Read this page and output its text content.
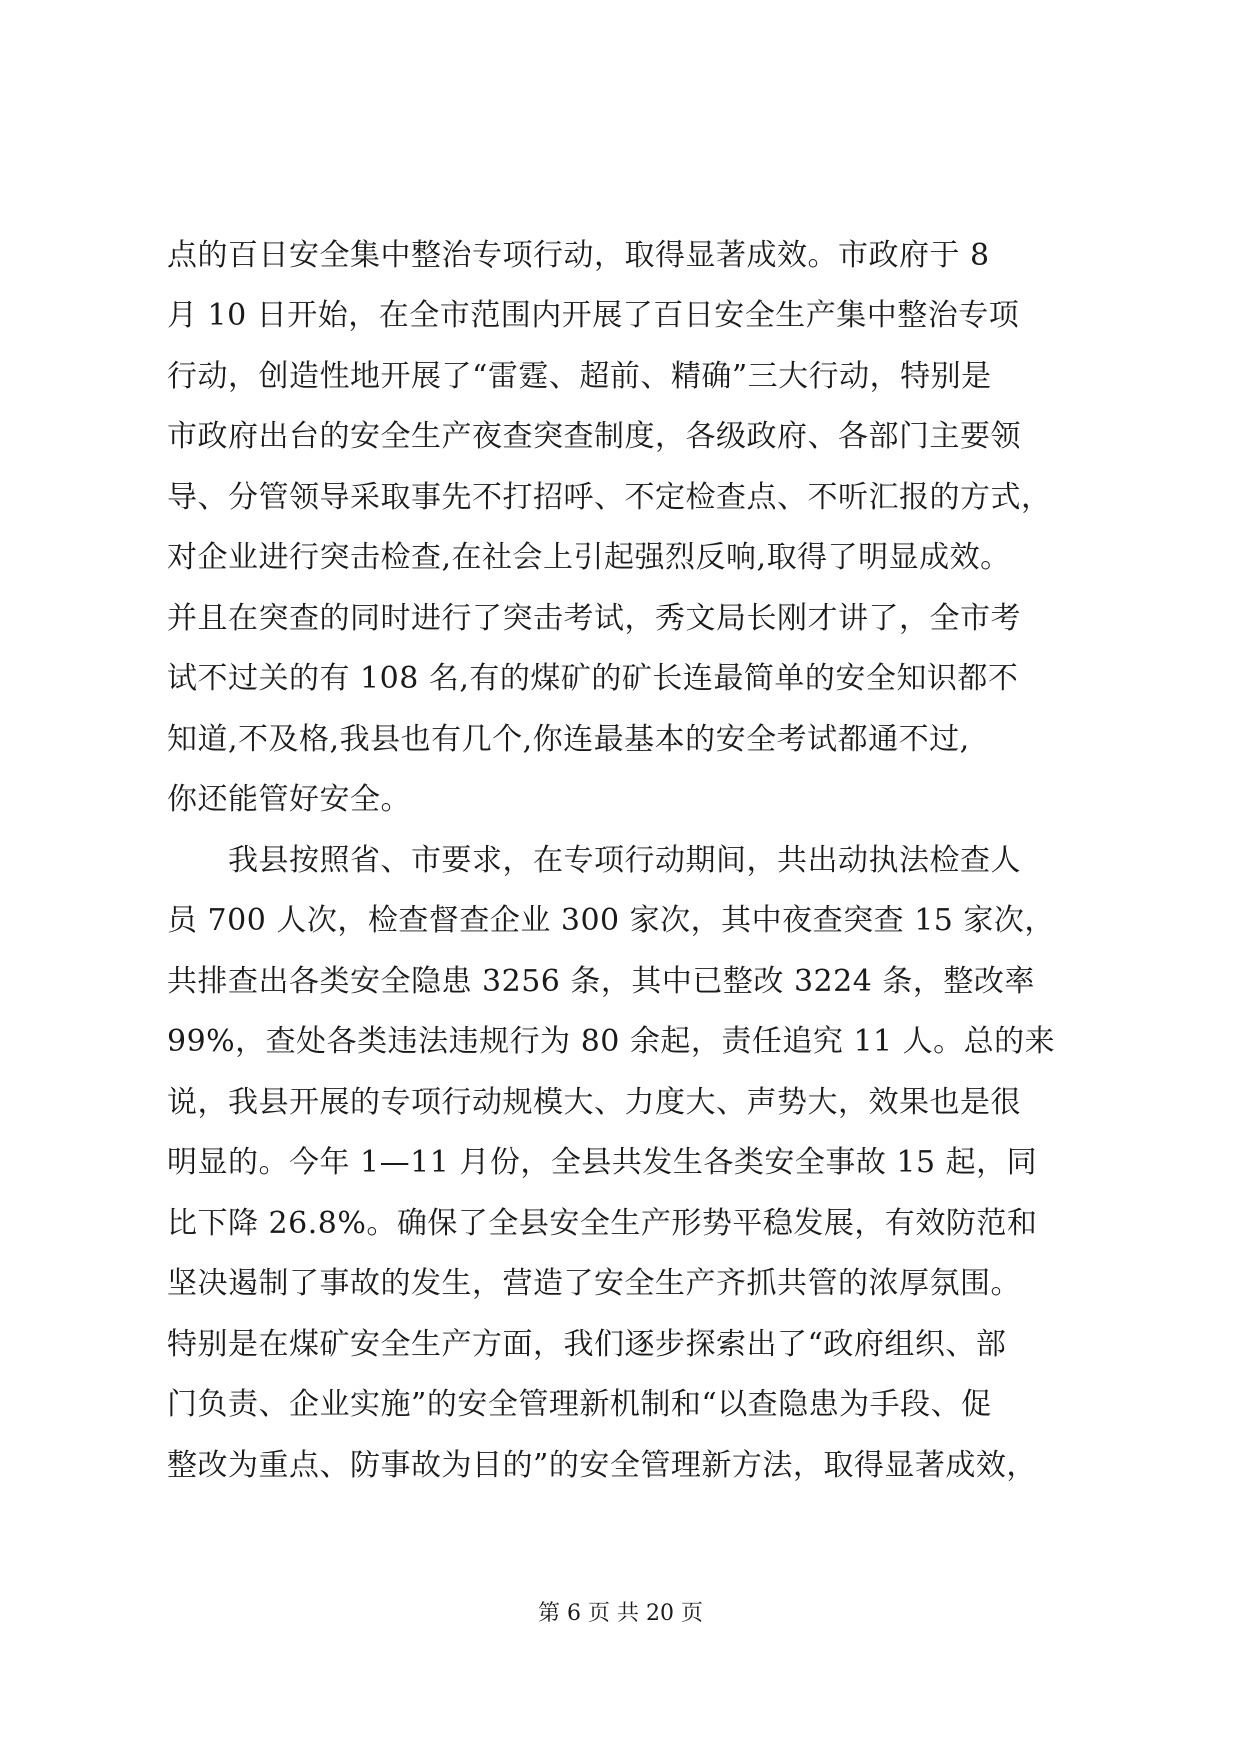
点的百日安全集中整治专项行动，取得显著成效。市政府于 8

月 10 日开始，在全市范围内开展了百日安全生产集中整治专项

行动，创造性地开展了“雷霆、超前、精确”三大行动，特别是

市政府出台的安全生产夜查突查制度，各级政府、各部门主要领

导、分管领导采取事先不打招呼、不定检查点、不听汇报的方式，

对企业进行突击检查,在社会上引起强烈反响,取得了明显成效。

并且在突查的同时进行了突击考试，秀文局长刚才讲了，全市考

试不过关的有 108 名,有的煤矿的矿长连最简单的安全知识都不

知道,不及格,我县也有几个,你连最基本的安全考试都通不过,

你还能管好安全。

　　我县按照省、市要求，在专项行动期间，共出动执法检查人

员 700 人次，检查督查企业 300 家次，其中夜查突查 15 家次，

共排查出各类安全隐患 3256 条，其中已整改 3224 条，整改率

99%，查处各类违法违规行为 80 余起，责任追究 11 人。总的来

说，我县开展的专项行动规模大、力度大、声势大，效果也是很

明显的。今年 1—11 月份，全县共发生各类安全事故 15 起，同

比下降 26.8%。确保了全县安全生产形势平稳发展，有效防范和

坚决遏制了事故的发生，营造了安全生产齐抓共管的浓厚氛围。

特别是在煤矿安全生产方面，我们逐步探索出了“政府组织、部

门负责、企业实施”的安全管理新机制和“以查隐患为手段、促

整改为重点、防事故为目的”的安全管理新方法，取得显著成效，

第 6 页 共 20 页
